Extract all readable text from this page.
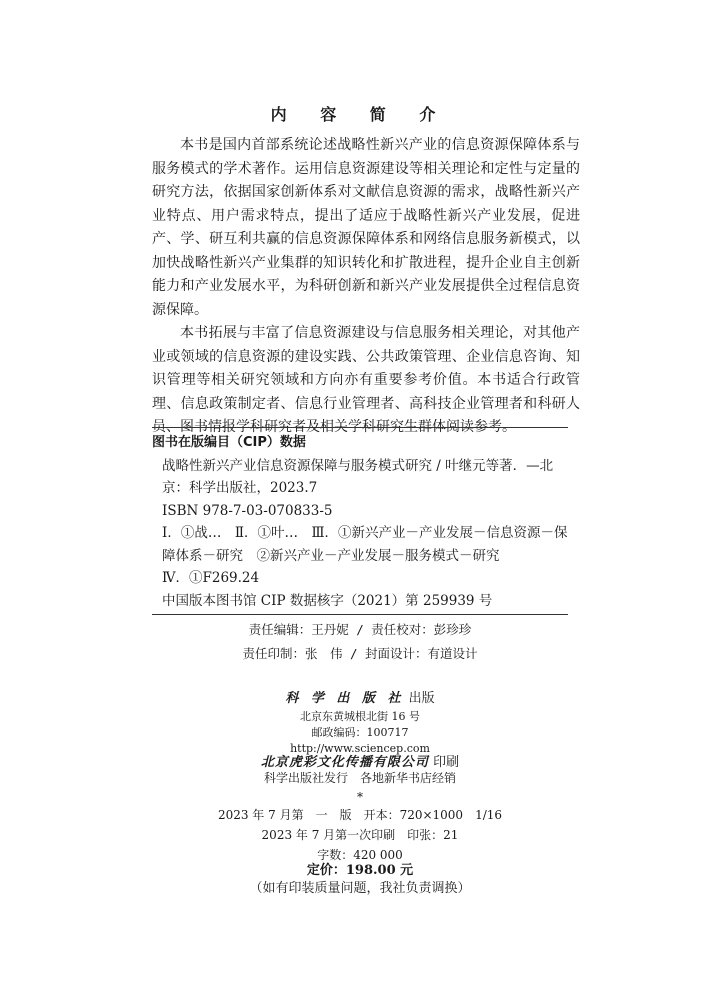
内 容 简 介

本书是国内首部系统论述战略性新兴产业的信息资源保障体系与服务模式的学术著作。运用信息资源建设等相关理论和定性与定量的研究方法，依据国家创新体系对文献信息资源的需求，战略性新兴产业特点、用户需求特点，提出了适应于战略性新兴产业发展，促进产、学、研互利共赢的信息资源保障体系和网络信息服务新模式，以加快战略性新兴产业集群的知识转化和扩散进程，提升企业自主创新能力和产业发展水平，为科研创新和新兴产业发展提供全过程信息资源保障。

本书拓展与丰富了信息资源建设与信息服务相关理论，对其他产业或领域的信息资源的建设实践、公共政策管理、企业信息咨询、知识管理等相关研究领域和方向亦有重要参考价值。本书适合行政管理、信息政策制定者、信息行业管理者、高科技企业管理者和科研人员、图书情报学科研究者及相关学科研究生群体阅读参考。

图书在版编目（CIP）数据
战略性新兴产业信息资源保障与服务模式研究 / 叶继元等著．—北京：科学出版社，2023.7
ISBN 978-7-03-070833-5
Ⅰ．①战…　Ⅱ．①叶…　Ⅲ．①新兴产业－产业发展－信息资源－保障体系－研究　②新兴产业－产业发展－服务模式－研究
Ⅳ．①F269.24
中国版本图书馆 CIP 数据核字（2021）第 259939 号
责任编辑：王丹妮 / 责任校对：彭珍珍
责任印制：张　伟 / 封面设计：有道设计
科 学 出 版 社 出版
北京东黄城根北街 16 号
邮政编码：100717
http://www.sciencep.com
北京虎彩文化传播有限公司 印刷
科学出版社发行　各地新华书店经销
*
2023 年 7 月第　一　版　开本：720×1000　1/16
2023 年 7 月第一次印刷　印张：21
字数：420 000
定价：198.00 元
（如有印装质量问题，我社负责调换）
